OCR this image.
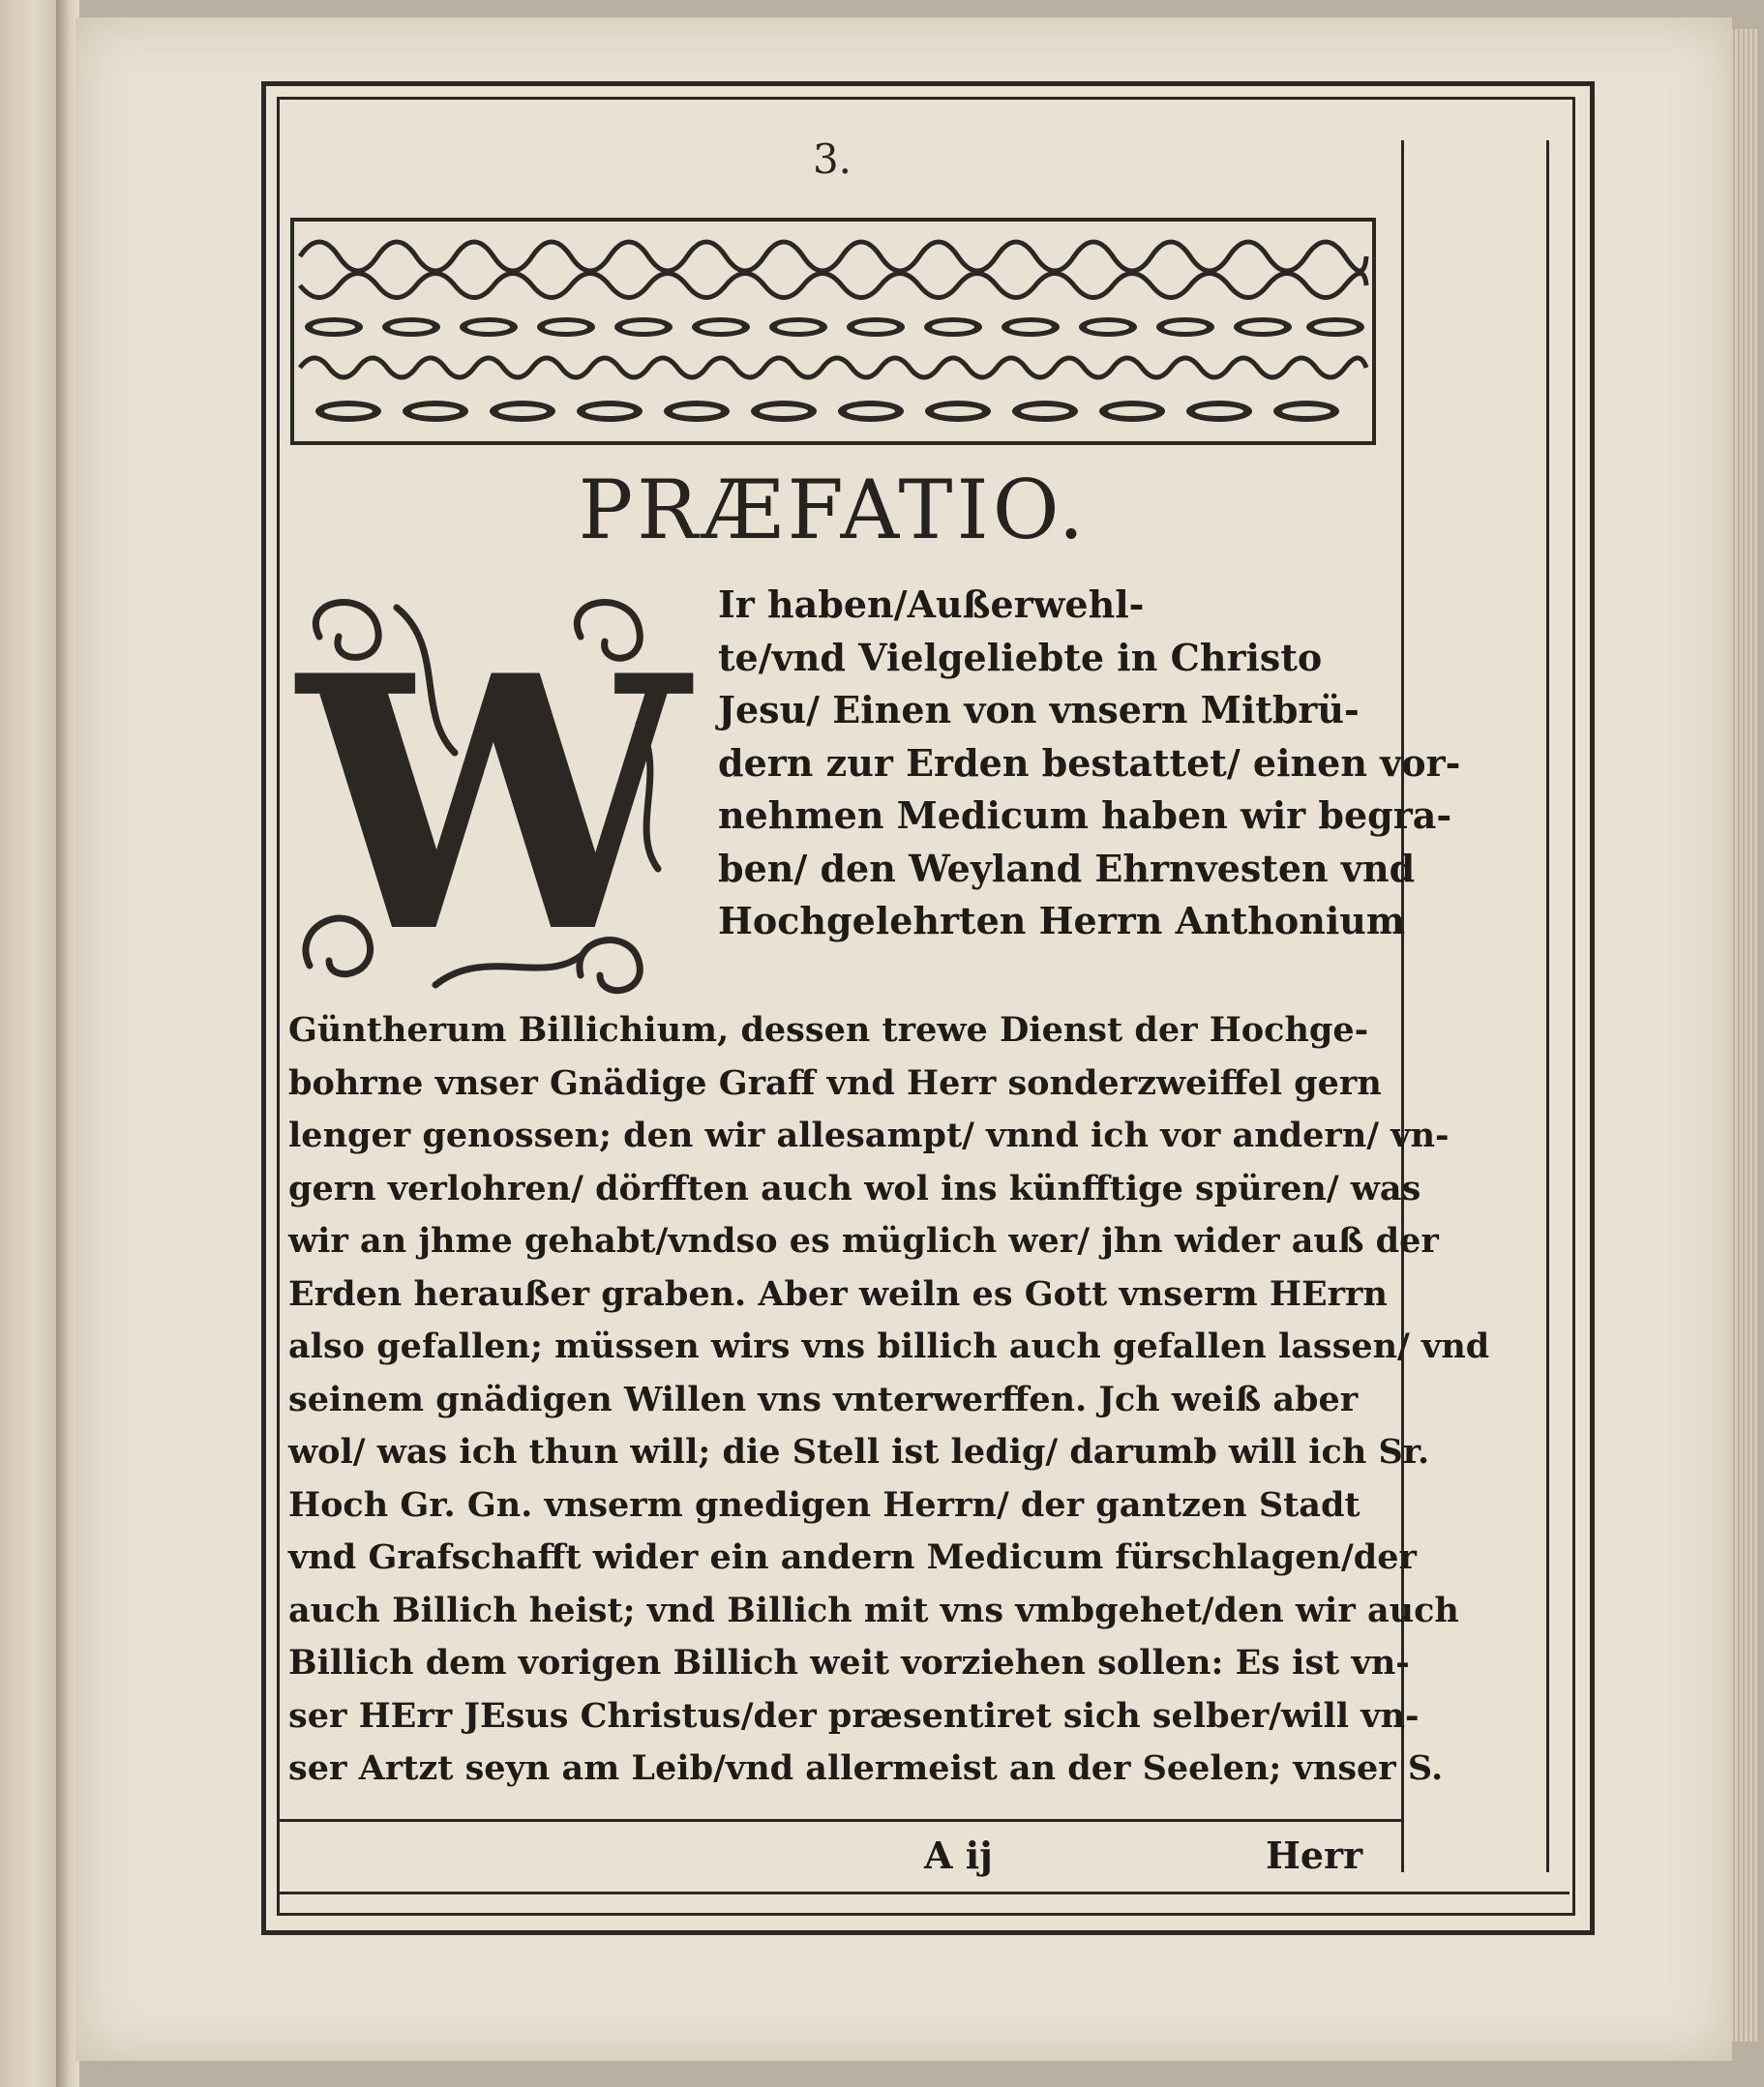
3.
PRÆFATIO.
W Ir haben/Außerwehl-
te/vnd Vielgeliebte in Christo
Jesu/ Einen von vnsern Mitbrü-
dern zur Erden bestattet/ einen vor-
nehmen Medicum haben wir begra-
ben/ den Weyland Ehrnvesten vnd
Hochgelehrten Herrn Anthonium
Güntherum Billichium, dessen trewe Dienst der Hochge-
bohrne vnser Gnädige Graff vnd Herr sonderzweiffel gern
lenger genossen; den wir allesampt/ vnnd ich vor andern/ vn-
gern verlohren/ dörfften auch wol ins künfftige spüren/ was
wir an jhme gehabt/vndso es müglich wer/ jhn wider auß der
Erden heraußer graben. Aber weiln es Gott vnserm HErrn
also gefallen; müssen wirs vns billich auch gefallen lassen/ vnd
seinem gnädigen Willen vns vnterwerffen. Jch weiß aber
wol/ was ich thun will; die Stell ist ledig/ darumb will ich Sr.
Hoch Gr. Gn. vnserm gnedigen Herrn/ der gantzen Stadt
vnd Grafschafft wider ein andern Medicum fürschlagen/der
auch Billich heist; vnd Billich mit vns vmbgehet/den wir auch
Billich dem vorigen Billich weit vorziehen sollen: Es ist vn-
ser HErr JEsus Christus/der præsentiret sich selber/will vn-
ser Artzt seyn am Leib/vnd allermeist an der Seelen; vnser S.
A ij	Herr
